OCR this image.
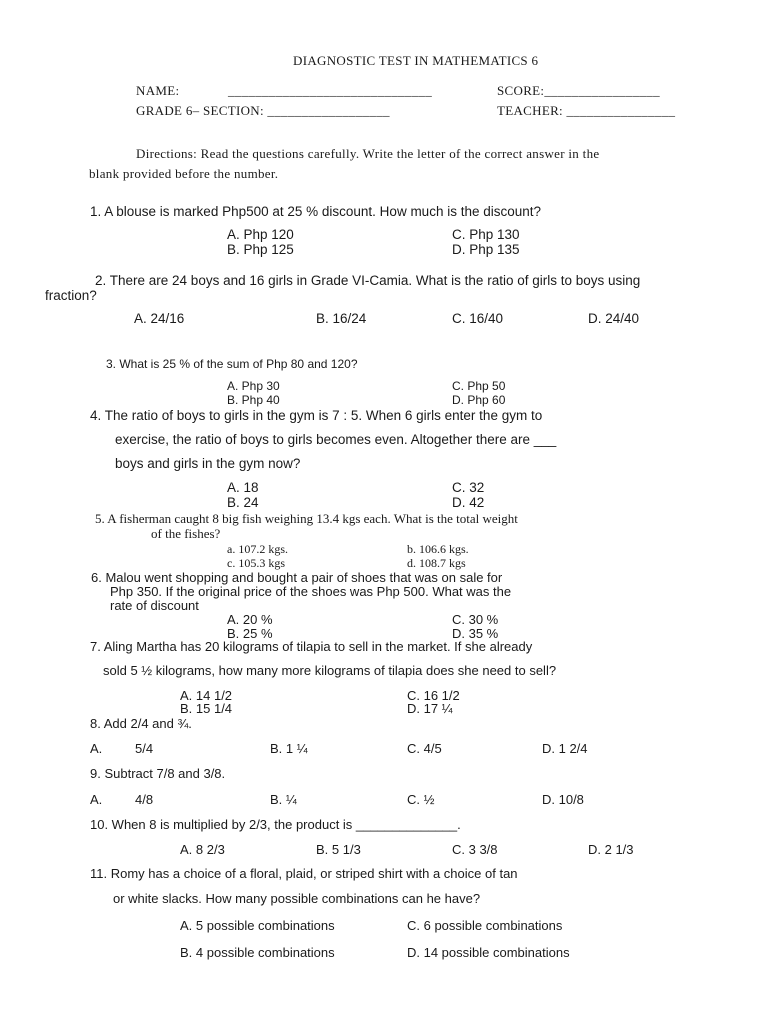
DIAGNOSTIC TEST IN MATHEMATICS 6
NAME:	______________________________	SCORE:_________________
GRADE 6– SECTION: __________________	TEACHER: ________________
Directions: Read the questions carefully. Write the letter of the correct answer in the
blank provided before the number.
1. A blouse is marked Php500 at 25 % discount. How much is the discount?
A. Php 120	C. Php 130
B. Php 125	D. Php 135
2. There are 24 boys and 16 girls in Grade VI-Camia. What is the ratio of girls to boys using
fraction?
A. 24/16	B. 16/24	C. 16/40	D. 24/40
3. What is 25 % of the sum of Php 80 and 120?
A. Php 30	C. Php 50
B. Php 40	D. Php 60
4. The ratio of boys to girls in the gym is 7 : 5. When 6 girls enter the gym to
exercise, the ratio of boys to girls becomes even. Altogether there are ___
boys and girls in the gym now?
A. 18	C. 32
B. 24	D. 42
5. A fisherman caught 8 big fish weighing 13.4 kgs each. What is the total weight
of the fishes?
a. 107.2 kgs.	b. 106.6 kgs.
c. 105.3 kgs	d. 108.7 kgs
6. Malou went shopping and bought a pair of shoes that was on sale for
Php 350. If the original price of the shoes was Php 500. What was the
rate of discount
A. 20 %	C. 30 %
B. 25 %	D. 35 %
7. Aling Martha has 20 kilograms of tilapia to sell in the market. If she already
sold 5 ½ kilograms, how many more kilograms of tilapia does she need to sell?
A. 14 1/2	C. 16 1/2
B. 15 1/4	D. 17 ¼
8. Add 2/4 and ¾.
A.	5/4	B. 1 ¼	C. 4/5	D. 1 2/4
9. Subtract 7/8 and 3/8.
A.	4/8	B. ¼	C. ½	D. 10/8
10. When 8 is multiplied by 2/3, the product is ______________.
A. 8 2/3	B. 5 1/3	C. 3 3/8	D. 2 1/3
11. Romy has a choice of a floral, plaid, or striped shirt with a choice of tan
or white slacks. How many possible combinations can he have?
A. 5 possible combinations	C. 6 possible combinations
B. 4 possible combinations	D. 14 possible combinations
